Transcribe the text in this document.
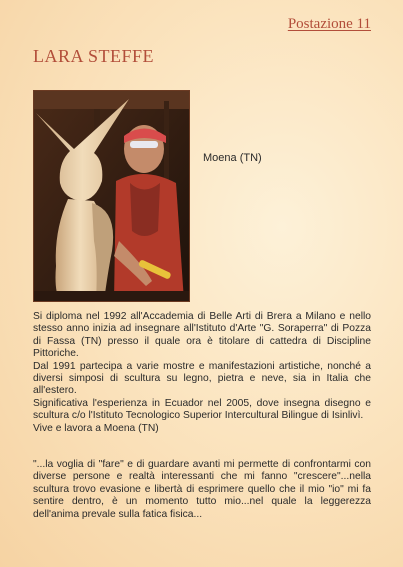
Postazione 11
LARA STEFFE
Moena (TN)

Si diploma nel 1992 all'Accademia di Belle Arti di Brera a Milano e nello stesso anno inizia ad insegnare all'Istituto d'Arte "G. Soraperra" di Pozza di Fassa (TN) presso il quale ora è titolare di cattedra di Discipline Pittoriche.

Dal 1991 partecipa a varie mostre e manifestazioni artistiche, nonché a diversi simposi di scultura su legno, pietra e neve, sia in Italia che all'estero.

Significativa l'esperienza in Ecuador nel 2005, dove insegna disegno e scultura c/o l'Istituto Tecnologico Superior Intercultural Bilingue di Isinlivì.

Vive e lavora a Moena (TN)

"...la voglia di "fare" e di guardare avanti mi permette di confrontarmi con diverse persone e realtà interessanti che mi fanno "crescere"...nella scultura trovo evasione e libertà di esprimere quello che il mio "io" mi fa sentire dentro, è un momento tutto mio...nel quale la leggerezza dell'anima prevale sulla fatica fisica...
